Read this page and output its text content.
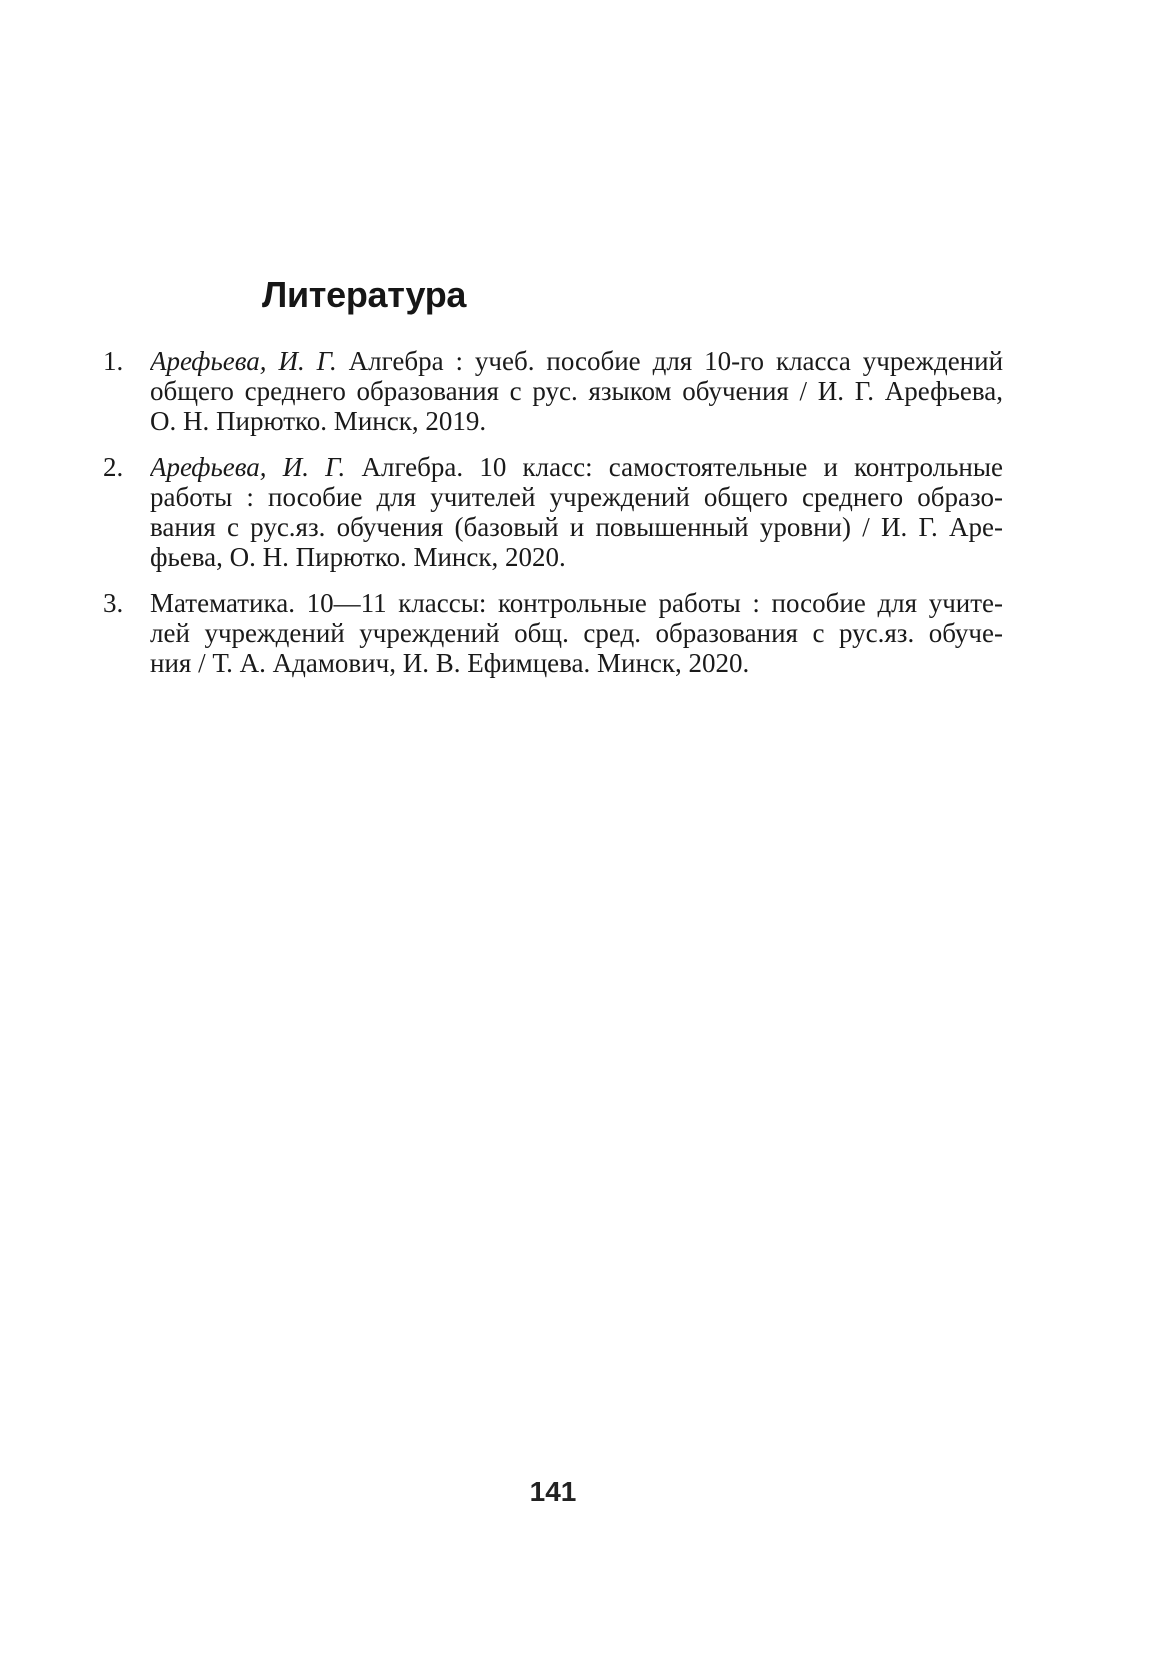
Литература
1. Арефьева, И. Г. Алгебра : учеб. пособие для 10-го класса учреждений
общего среднего образования с рус. языком обучения / И. Г. Арефьева,
О. Н. Пирютко. Минск, 2019.
2. Арефьева, И. Г. Алгебра. 10 класс: самостоятельные и контрольные
работы : пособие для учителей учреждений общего среднего образо-
вания с рус.яз. обучения (базовый и повышенный уровни) / И. Г. Аре-
фьева, О. Н. Пирютко. Минск, 2020.
3. Математика. 10—11 классы: контрольные работы : пособие для учите-
лей учреждений учреждений общ. сред. образования с рус.яз. обуче-
ния / Т. А. Адамович, И. В. Ефимцева. Минск, 2020.
141
